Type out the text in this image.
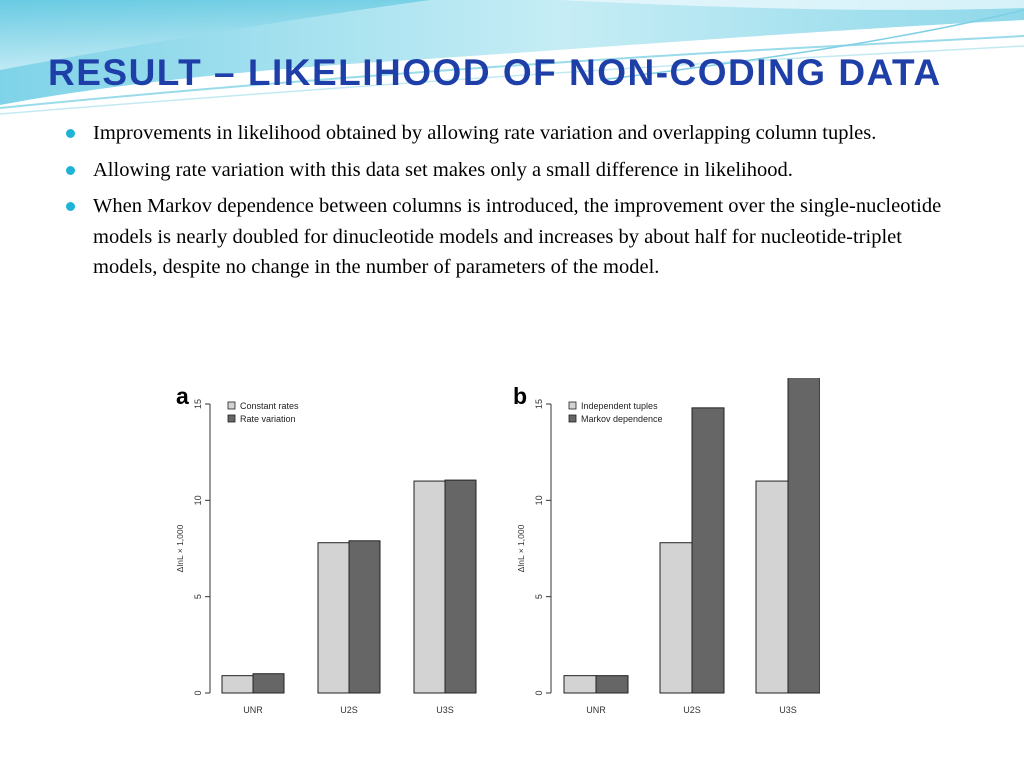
RESULT – LIKELIHOOD OF NON-CODING DATA
Improvements in likelihood obtained by allowing rate variation and overlapping column tuples.
Allowing rate variation with this data set makes only a small difference in likelihood.
When Markov dependence between columns is introduced, the improvement over the single-nucleotide models is nearly doubled for dinucleotide models and increases by about half for nucleotide-triplet models, despite no change in the number of parameters of the model.
a
0
5
10
15
ΔlnL × 1,000
UNR	U2S	U3S
Constant rates
Rate variation
b
0
5
10
15
ΔlnL × 1,000
UNR	U2S	U3S
Independent tuples
Markov dependence
